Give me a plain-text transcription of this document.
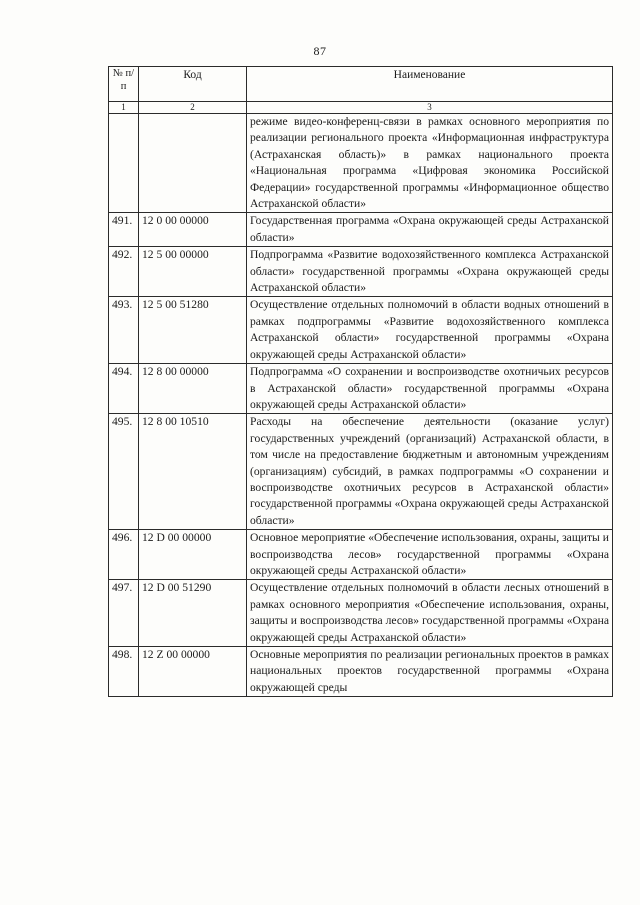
87
№ п/п	Код	Наименование
1	2	3
		режиме видео-конференц-связи в рамках основного мероприятия по реализации регионального проекта «Информационная инфраструктура (Астраханская область)» в рамках национального проекта «Национальная программа «Цифровая экономика Российской Федерации» государственной программы «Информационное общество Астраханской области»
491.	12 0 00 00000	Государственная программа «Охрана окружающей среды Астраханской области»
492.	12 5 00 00000	Подпрограмма «Развитие водохозяйственного комплекса Астраханской области» государственной программы «Охрана окружающей среды Астраханской области»
493.	12 5 00 51280	Осуществление отдельных полномочий в области водных отношений в рамках подпрограммы «Развитие водохозяйственного комплекса Астраханской области» государственной программы «Охрана окружающей среды Астраханской области»
494.	12 8 00 00000	Подпрограмма «О сохранении и воспроизводстве охотничьих ресурсов в Астраханской области» государственной программы «Охрана окружающей среды Астраханской области»
495.	12 8 00 10510	Расходы на обеспечение деятельности (оказание услуг) государственных учреждений (организаций) Астраханской области, в том числе на предоставление бюджетным и автономным учреждениям (организациям) субсидий, в рамках подпрограммы «О сохранении и воспроизводстве охотничьих ресурсов в Астраханской области» государственной программы «Охрана окружающей среды Астраханской области»
496.	12 D 00 00000	Основное мероприятие «Обеспечение использования, охраны, защиты и воспроизводства лесов» государственной программы «Охрана окружающей среды Астраханской области»
497.	12 D 00 51290	Осуществление отдельных полномочий в области лесных отношений в рамках основного мероприятия «Обеспечение использования, охраны, защиты и воспроизводства лесов» государственной программы «Охрана окружающей среды Астраханской области»
498.	12 Z 00 00000	Основные мероприятия по реализации региональных проектов в рамках национальных проектов государственной программы «Охрана окружающей среды
